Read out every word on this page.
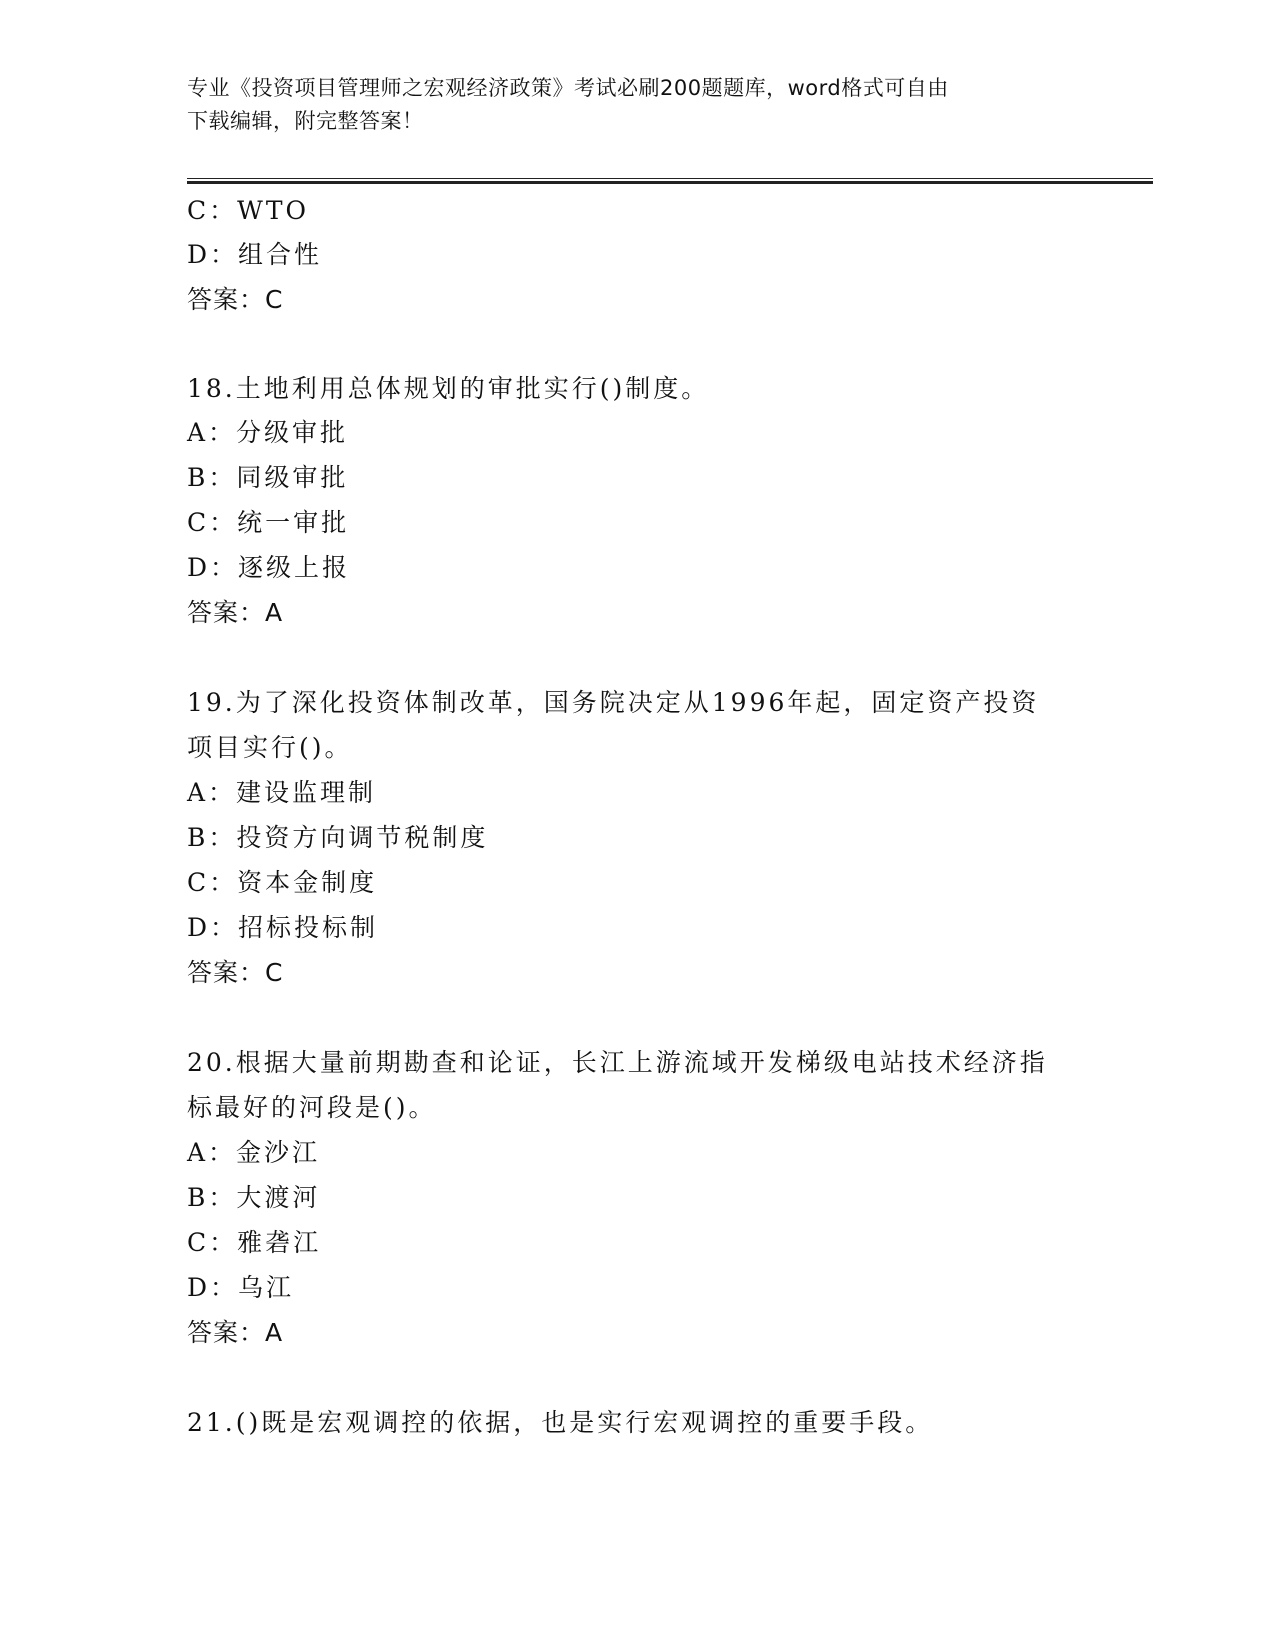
专业《投资项目管理师之宏观经济政策》考试必刷200题题库，word格式可自由
下载编辑，附完整答案！
C：WTO
D：组合性
答案：C
18.土地利用总体规划的审批实行()制度。
A：分级审批
B：同级审批
C：统一审批
D：逐级上报
答案：A
19.为了深化投资体制改革，国务院决定从1996年起，固定资产投资
项目实行()。
A：建设监理制
B：投资方向调节税制度
C：资本金制度
D：招标投标制
答案：C
20.根据大量前期勘查和论证，长江上游流域开发梯级电站技术经济指
标最好的河段是()。
A：金沙江
B：大渡河
C：雅砻江
D：乌江
答案：A
21.()既是宏观调控的依据，也是实行宏观调控的重要手段。
